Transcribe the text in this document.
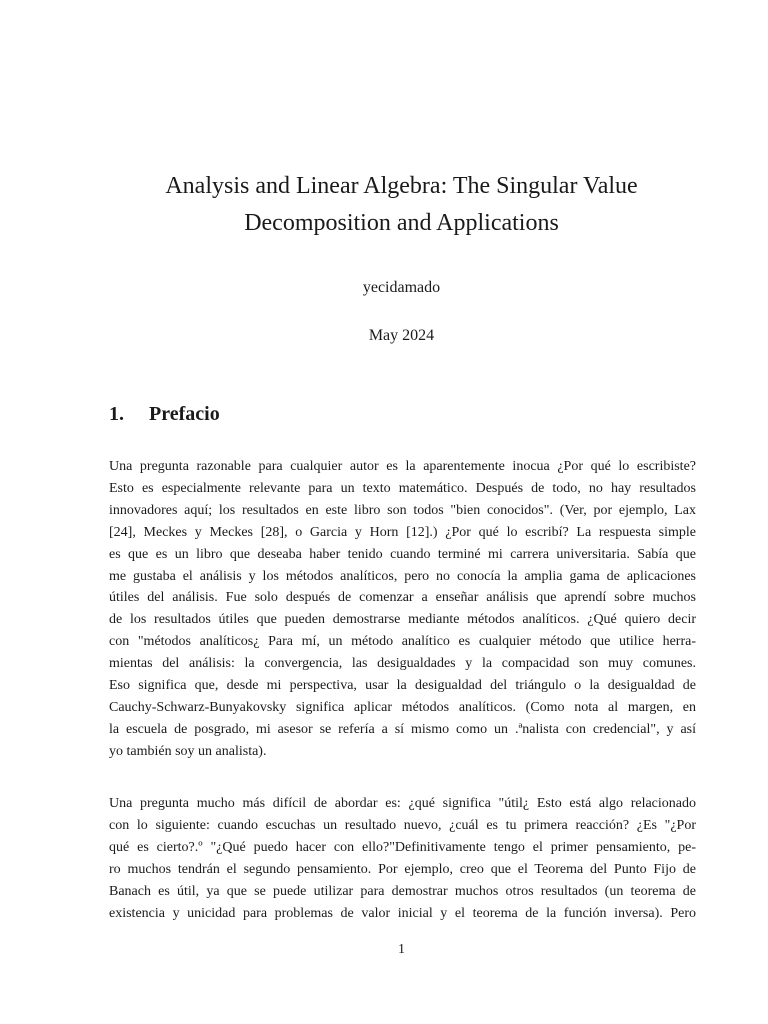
Analysis and Linear Algebra: The Singular Value
Decomposition and Applications
yecidamado
May 2024
1. Prefacio

Una pregunta razonable para cualquier autor es la aparentemente inocua ¿Por qué lo escribiste?
Esto es especialmente relevante para un texto matemático. Después de todo, no hay resultados
innovadores aquí; los resultados en este libro son todos "bien conocidos". (Ver, por ejemplo, Lax
[24], Meckes y Meckes [28], o Garcia y Horn [12].) ¿Por qué lo escribí? La respuesta simple
es que es un libro que deseaba haber tenido cuando terminé mi carrera universitaria. Sabía que
me gustaba el análisis y los métodos analíticos, pero no conocía la amplia gama de aplicaciones
útiles del análisis. Fue solo después de comenzar a enseñar análisis que aprendí sobre muchos
de los resultados útiles que pueden demostrarse mediante métodos analíticos. ¿Qué quiero decir
con "métodos analíticos¿ Para mí, un método analítico es cualquier método que utilice herra-
mientas del análisis: la convergencia, las desigualdades y la compacidad son muy comunes.
Eso significa que, desde mi perspectiva, usar la desigualdad del triángulo o la desigualdad de
Cauchy-Schwarz-Bunyakovsky significa aplicar métodos analíticos. (Como nota al margen, en
la escuela de posgrado, mi asesor se refería a sí mismo como un .ªnalista con credencial", y así
yo también soy un analista).

Una pregunta mucho más difícil de abordar es: ¿qué significa "útil¿ Esto está algo relacionado
con lo siguiente: cuando escuchas un resultado nuevo, ¿cuál es tu primera reacción? ¿Es "¿Por
qué es cierto?.º "¿Qué puedo hacer con ello?"Definitivamente tengo el primer pensamiento, pe-
ro muchos tendrán el segundo pensamiento. Por ejemplo, creo que el Teorema del Punto Fijo de
Banach es útil, ya que se puede utilizar para demostrar muchos otros resultados (un teorema de
existencia y unicidad para problemas de valor inicial y el teorema de la función inversa). Pero

1
